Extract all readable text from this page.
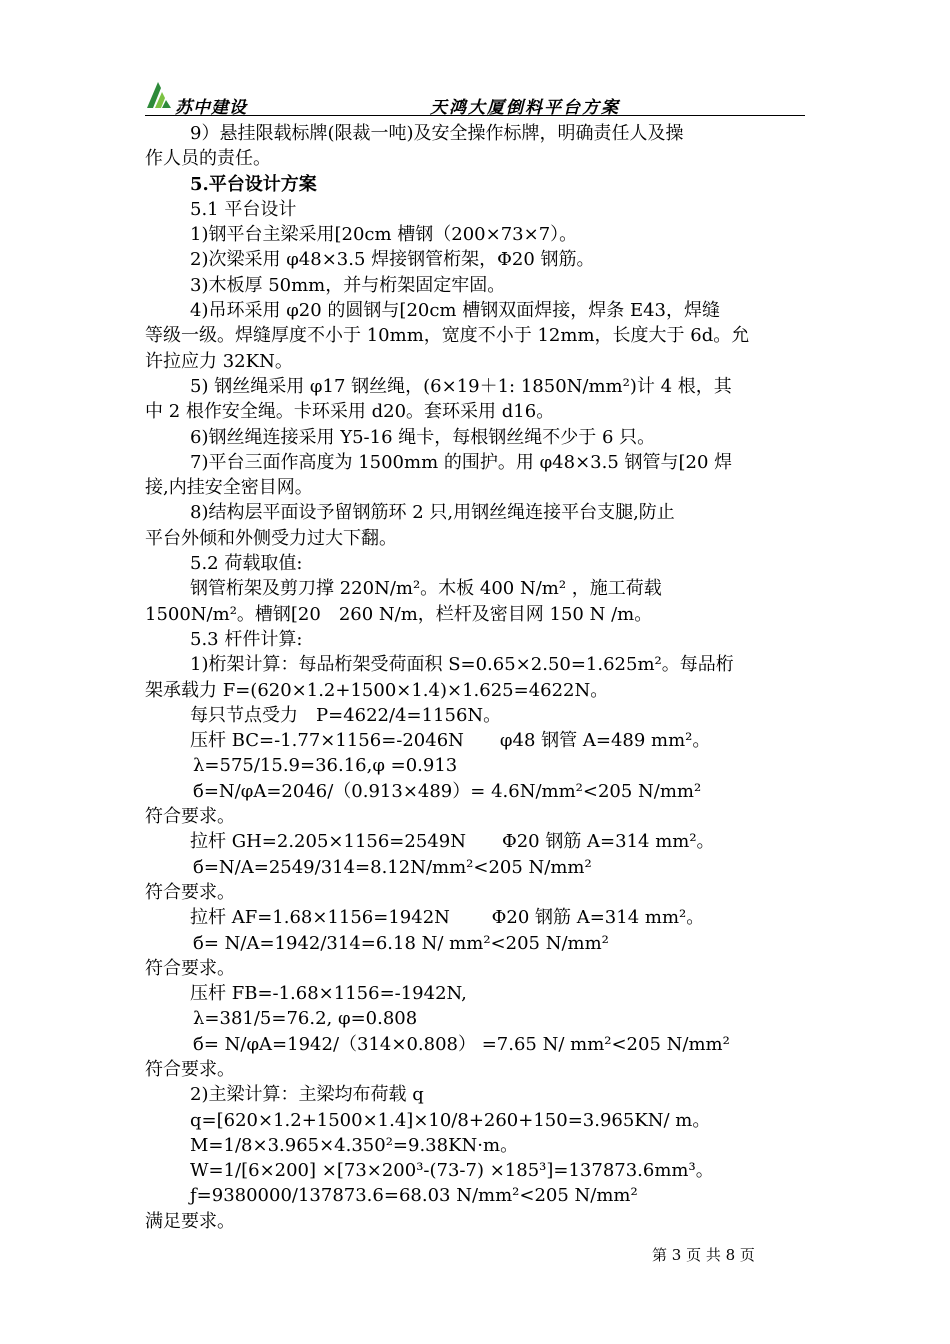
苏中建设	天鸿大厦倒料平台方案
9）悬挂限载标牌(限裁一吨)及安全操作标牌，明确责任人及操
作人员的责任。
5.平台设计方案
5.1 平台设计
1)钢平台主梁采用[20cm 槽钢（200×73×7）。
2)次梁采用 φ48×3.5 焊接钢管桁架，Φ20 钢筋。
3)木板厚 50mm，并与桁架固定牢固。
4)吊环采用 φ20 的圆钢与[20cm 槽钢双面焊接，焊条 E43，焊缝
等级一级。焊缝厚度不小于 10mm，宽度不小于 12mm，长度大于 6d。允
许拉应力 32KN。
5) 钢丝绳采用 φ17 钢丝绳，(6×19＋1: 1850N/mm²)计 4 根，其
中 2 根作安全绳。卡环采用 d20。套环采用 d16。
6)钢丝绳连接采用 Y5-16 绳卡，每根钢丝绳不少于 6 只。
7)平台三面作高度为 1500mm 的围护。用 φ48×3.5 钢管与[20 焊
接,内挂安全密目网。
8)结构层平面设予留钢筋环 2 只,用钢丝绳连接平台支腿,防止
平台外倾和外侧受力过大下翻。
5.2 荷载取值:
钢管桁架及剪刀撑 220N/m²。木板 400 N/m² ，施工荷载
1500N/m²。槽钢[20　260 N/m，栏杆及密目网 150 N /m。
5.3 杆件计算:
1)桁架计算：每品桁架受荷面积 S=0.65×2.50=1.625m²。每品桁
架承载力 F=(620×1.2+1500×1.4)×1.625=4622N。
每只节点受力　P=4622/4=1156N。
压杆 BC=-1.77×1156=-2046N　　φ48 钢管 A=489 mm²。
λ=575/15.9=36.16,φ =0.913
б=N/φA=2046/（0.913×489）= 4.6N/mm²<205 N/mm²
符合要求。
拉杆 GH=2.205×1156=2549N　　Φ20 钢筋 A=314 mm²。
б=N/A=2549/314=8.12N/mm²<205 N/mm²
符合要求。
拉杆 AF=1.68×1156=1942N　　 Φ20 钢筋 A=314 mm²。
б= N/A=1942/314=6.18 N/ mm²<205 N/mm²
符合要求。
压杆 FB=-1.68×1156=-1942N,
λ=381/5=76.2, φ=0.808
б= N/φA=1942/（314×0.808） =7.65 N/ mm²<205 N/mm²
符合要求。
2)主梁计算：主梁均布荷载 q
q=[620×1.2+1500×1.4]×10/8+260+150=3.965KN/ m。
M=1/8×3.965×4.350²=9.38KN·m。
W=1/[6×200] ×[73×200³-(73-7) ×185³]=137873.6mm³。
ƒ=9380000/137873.6=68.03 N/mm²<205 N/mm²
满足要求。
第 3 页 共 8 页
